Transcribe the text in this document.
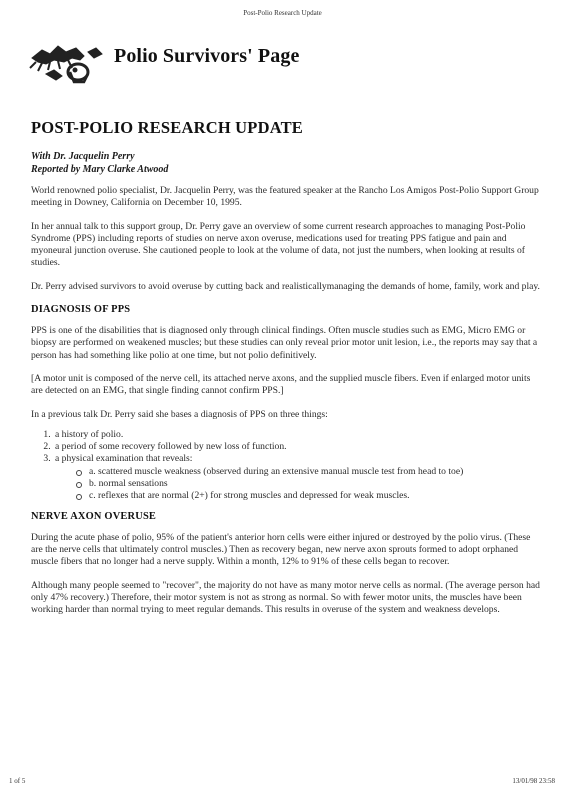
Post-Polio Research Update
Polio Survivors' Page
POST-POLIO RESEARCH UPDATE
With Dr. Jacquelin Perry
Reported by Mary Clarke Atwood

World renowned polio specialist, Dr. Jacquelin Perry, was the featured speaker at the Rancho Los Amigos Post-Polio Support Group meeting in Downey, California on December 10, 1995.

In her annual talk to this support group, Dr. Perry gave an overview of some current research approaches to managing Post-Polio Syndrome (PPS) including reports of studies on nerve axon overuse, medications used for treating PPS fatigue and pain and myoneural junction overuse. She cautioned people to look at the volume of data, not just the numbers, when looking at results of studies.

Dr. Perry advised survivors to avoid overuse by cutting back and realisticallymanaging the demands of home, family, work and play.

DIAGNOSIS OF PPS

PPS is one of the disabilities that is diagnosed only through clinical findings. Often muscle studies such as EMG, Micro EMG or biopsy are performed on weakened muscles; but these studies can only reveal prior motor unit lesion, i.e., the reports may say that a person has had something like polio at one time, but not polio definitively.

[A motor unit is composed of the nerve cell, its attached nerve axons, and the supplied muscle fibers. Even if enlarged motor units are detected on an EMG, that single finding cannot confirm PPS.]

In a previous talk Dr. Perry said she bases a diagnosis of PPS on three things:

1. a history of polio.
2. a period of some recovery followed by new loss of function.
3. a physical examination that reveals:
a. scattered muscle weakness (observed during an extensive manual muscle test from head to toe)
b. normal sensations
c. reflexes that are normal (2+) for strong muscles and depressed for weak muscles.
NERVE AXON OVERUSE

During the acute phase of polio, 95% of the patient's anterior horn cells were either injured or destroyed by the polio virus. (These are the nerve cells that ultimately control muscles.) Then as recovery began, new nerve axon sprouts formed to adopt orphaned muscle fibers that no longer had a nerve supply. Within a month, 12% to 91% of these cells began to recover.

Although many people seemed to "recover", the majority do not have as many motor nerve cells as normal. (The average person had only 47% recovery.) Therefore, their motor system is not as strong as normal. So with fewer motor units, the muscles have been working harder than normal trying to meet regular demands. This results in overuse of the system and weakness develops.

1 of 5	13/01/98 23:58
